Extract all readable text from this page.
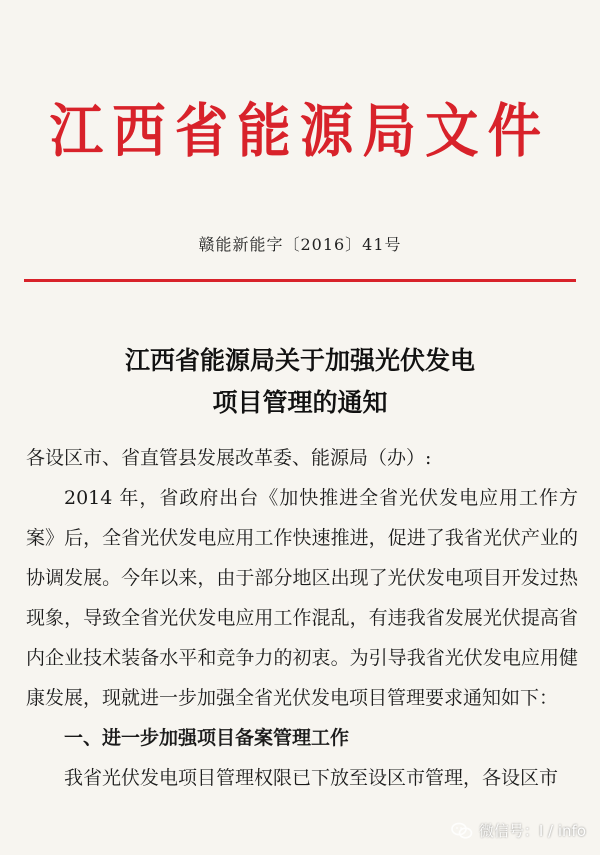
江西省能源局文件
赣能新能字〔2016〕41号
江西省能源局关于加强光伏发电
项目管理的通知

各设区市、省直管县发展改革委、能源局（办）:

2014 年，省政府出台《加快推进全省光伏发电应用工作方案》后，全省光伏发电应用工作快速推进，促进了我省光伏产业的协调发展。今年以来，由于部分地区出现了光伏发电项目开发过热现象，导致全省光伏发电应用工作混乱，有违我省发展光伏提高省内企业技术装备水平和竞争力的初衷。为引导我省光伏发电应用健康发展，现就进一步加强全省光伏发电项目管理要求通知如下：

一、进一步加强项目备案管理工作

我省光伏发电项目管理权限已下放至设区市管理，各设区市

微信号：I / info
